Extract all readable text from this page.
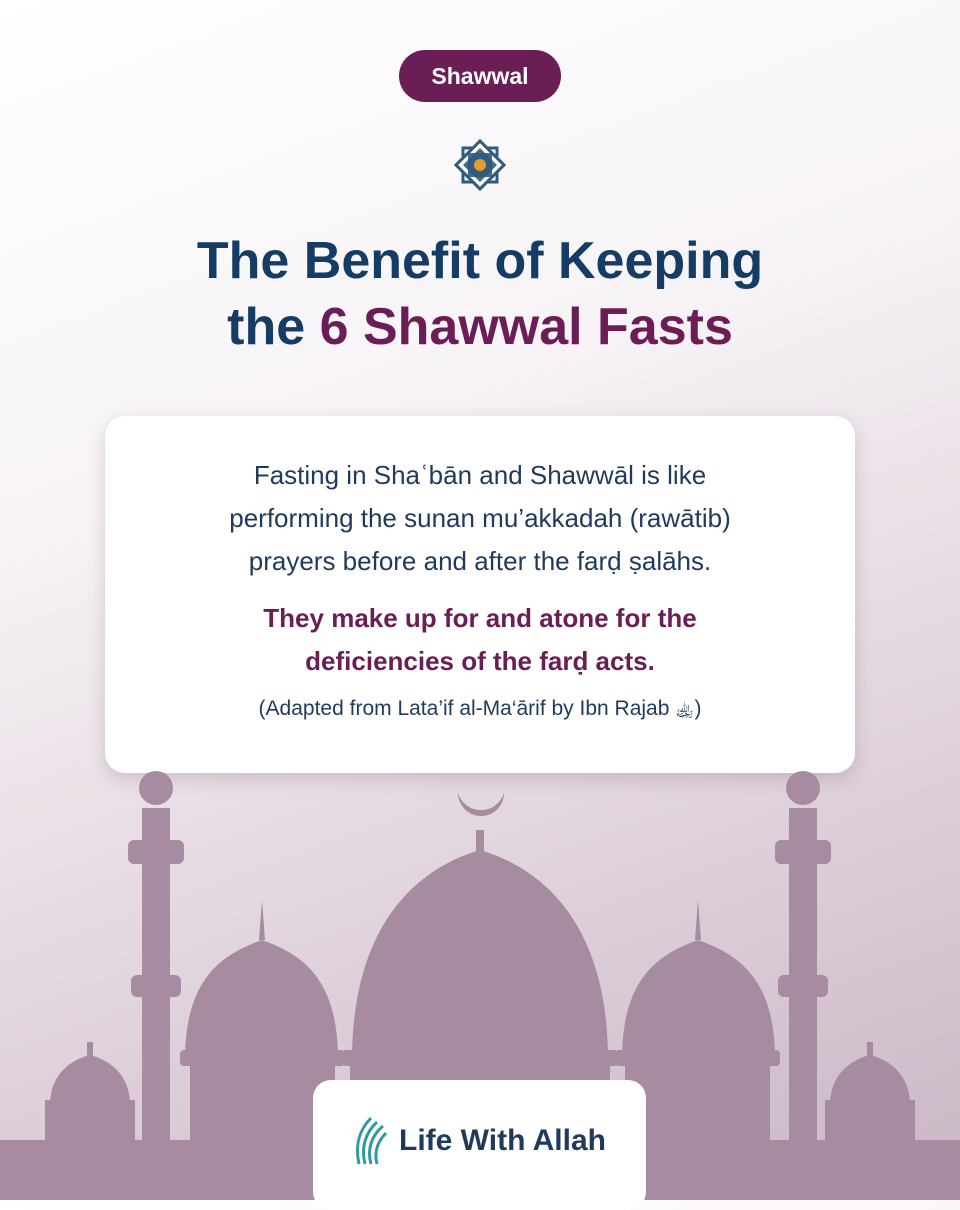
Shawwal
The Benefit of Keeping
the 6 Shawwal Fasts
Fasting in Shaʿbān and Shawwāl is like
performing the sunan mu’akkadah (rawātib)
prayers before and after the farḍ ṣalāhs.
They make up for and atone for the
deficiencies of the farḍ acts.
(Adapted from Lata’if al-Ma‘ārif by Ibn Rajab ﵀)
Life With Allah
